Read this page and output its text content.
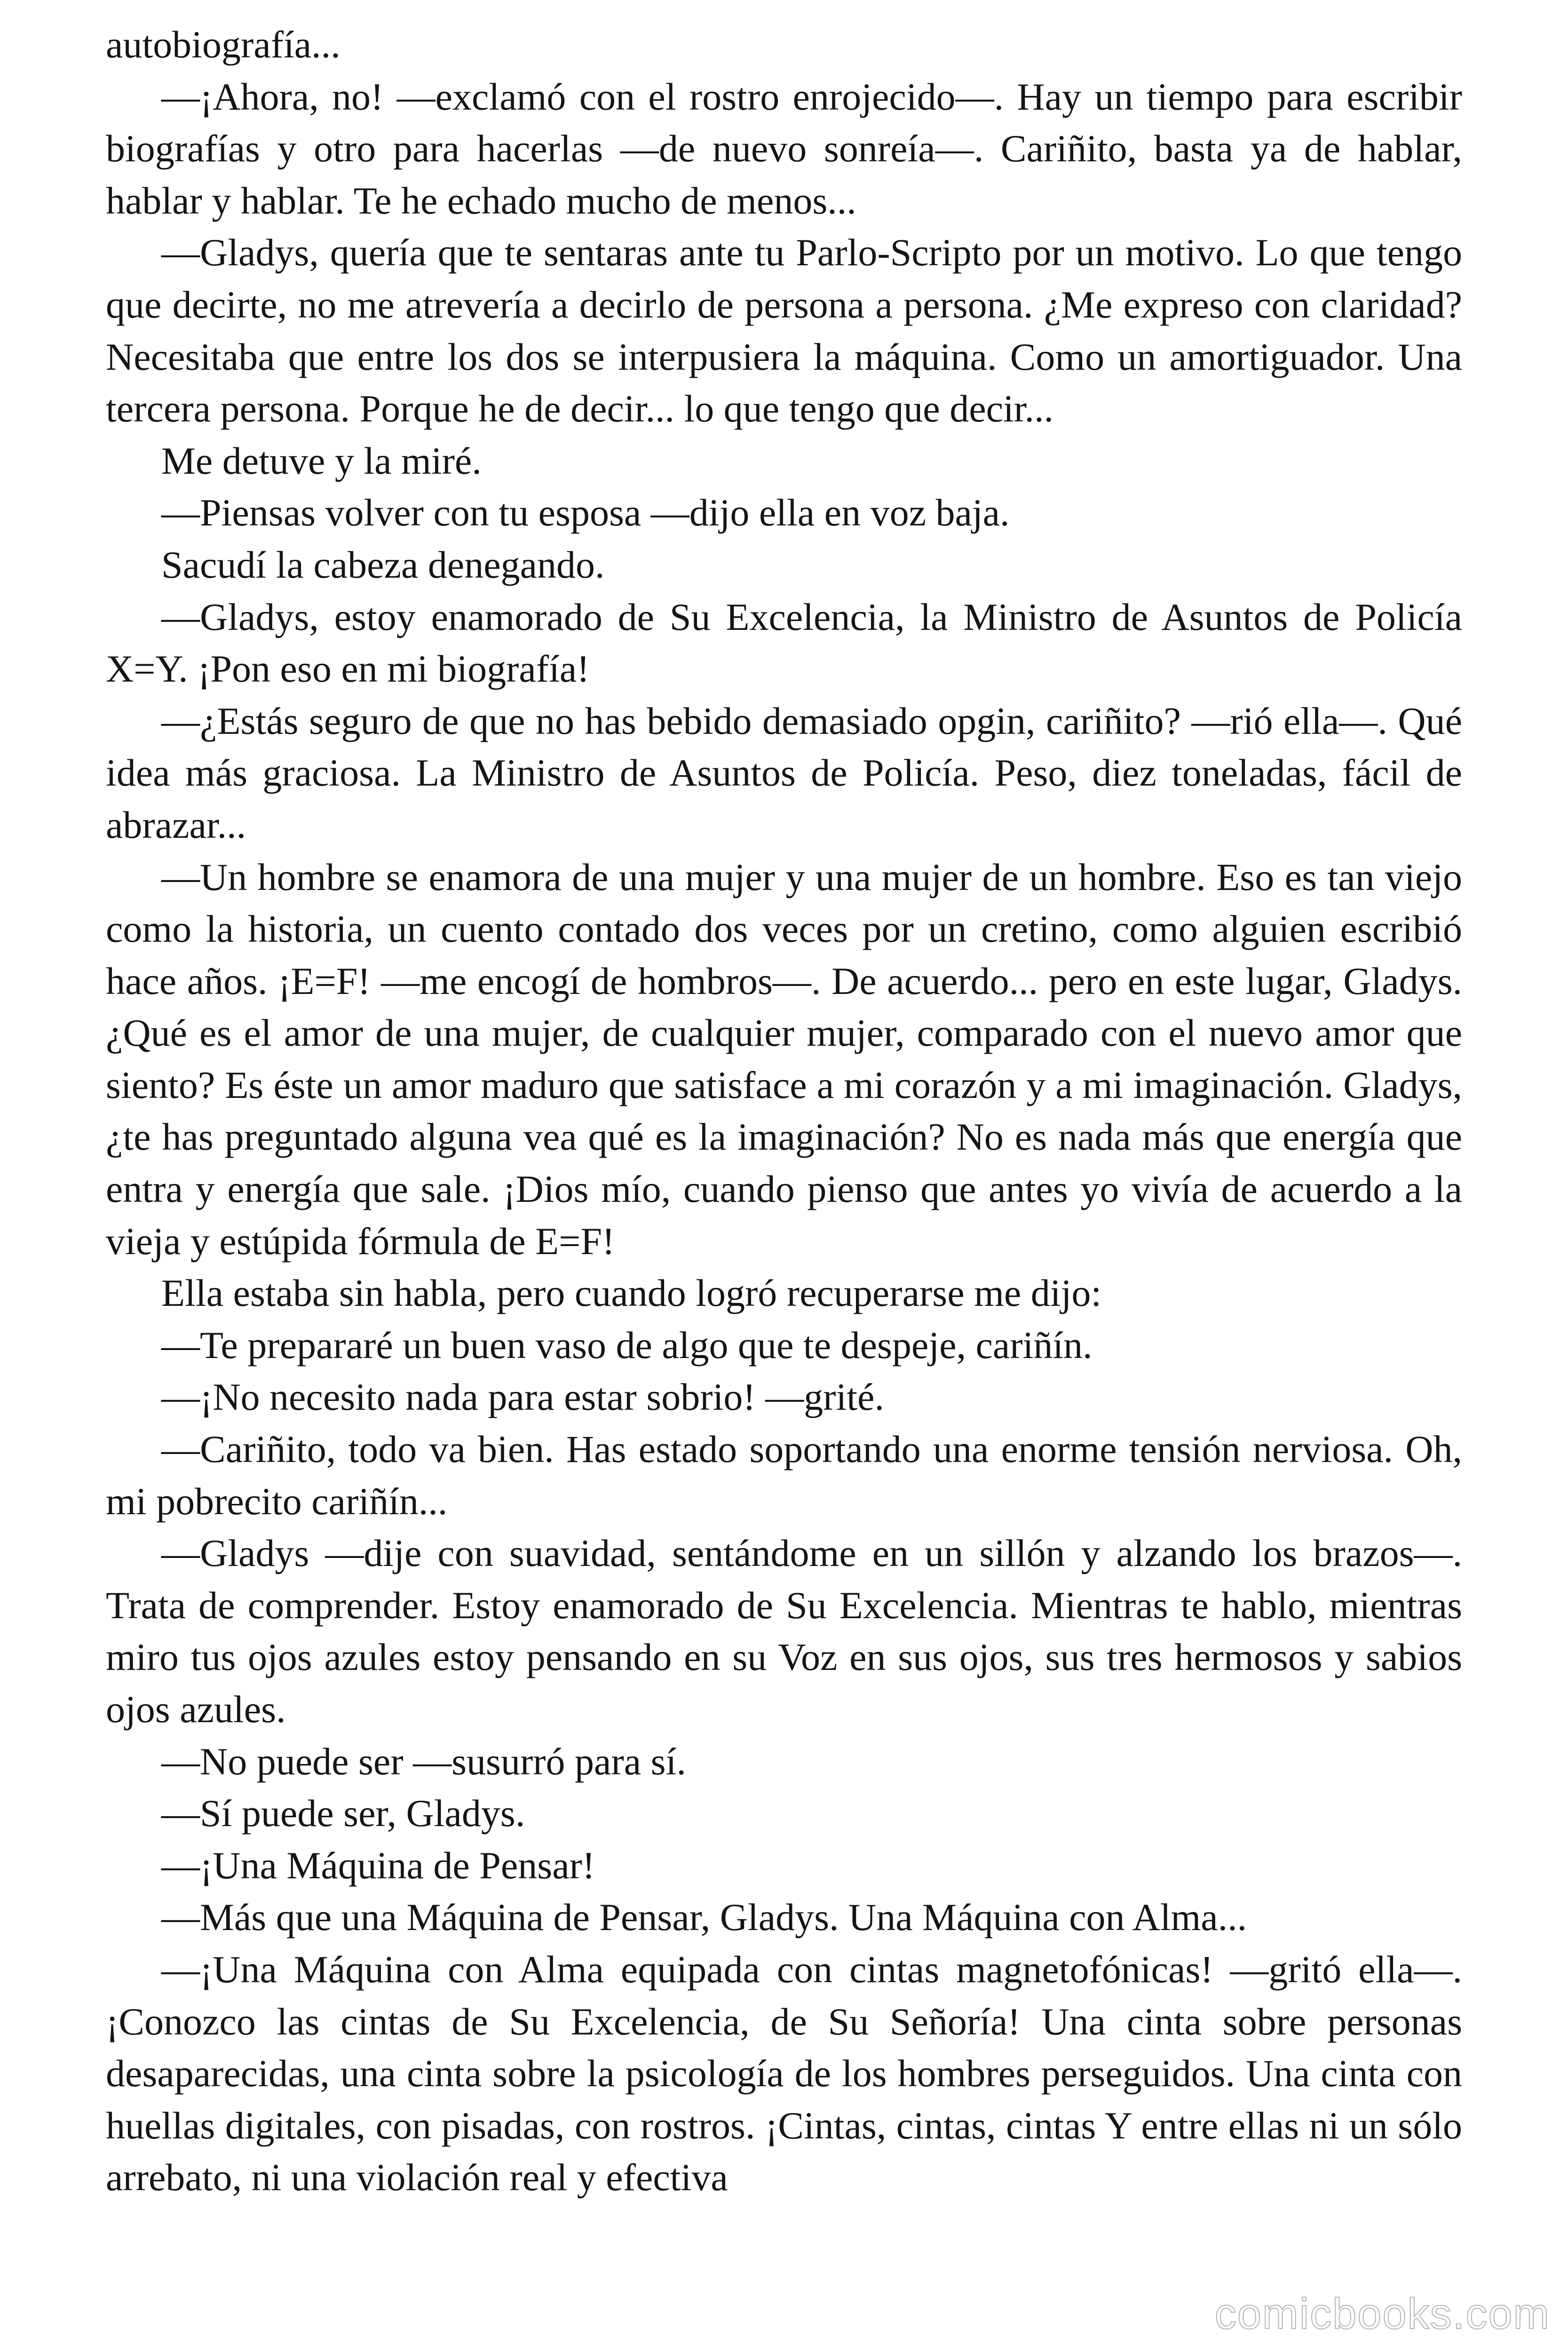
autobiografía...

—¡Ahora, no! —exclamó con el rostro enrojecido—. Hay un tiempo para escribir biografías y otro para hacerlas —de nuevo sonreía—. Cariñito, basta ya de hablar, hablar y hablar. Te he echado mucho de menos...

—Gladys, quería que te sentaras ante tu Parlo-Scripto por un motivo. Lo que tengo que decirte, no me atrevería a decirlo de persona a persona. ¿Me expreso con claridad? Necesitaba que entre los dos se interpusiera la máquina. Como un amortiguador. Una tercera persona. Porque he de decir... lo que tengo que decir...

Me detuve y la miré.

—Piensas volver con tu esposa —dijo ella en voz baja.

Sacudí la cabeza denegando.

—Gladys, estoy enamorado de Su Excelencia, la Ministro de Asuntos de Policía X=Y. ¡Pon eso en mi biografía!

—¿Estás seguro de que no has bebido demasiado opgin, cariñito? —rió ella—. Qué idea más graciosa. La Ministro de Asuntos de Policía. Peso, diez toneladas, fácil de abrazar...

—Un hombre se enamora de una mujer y una mujer de un hombre. Eso es tan viejo como la historia, un cuento contado dos veces por un cretino, como alguien escribió hace años. ¡E=F! —me encogí de hombros—. De acuerdo... pero en este lugar, Gladys. ¿Qué es el amor de una mujer, de cualquier mujer, comparado con el nuevo amor que siento? Es éste un amor maduro que satisface a mi corazón y a mi imaginación. Gladys, ¿te has preguntado alguna vea qué es la imaginación? No es nada más que energía que entra y energía que sale. ¡Dios mío, cuando pienso que antes yo vivía de acuerdo a la vieja y estúpida fórmula de E=F!

Ella estaba sin habla, pero cuando logró recuperarse me dijo:

—Te prepararé un buen vaso de algo que te despeje, cariñín.

—¡No necesito nada para estar sobrio! —grité.

—Cariñito, todo va bien. Has estado soportando una enorme tensión nerviosa. Oh, mi pobrecito cariñín...

—Gladys —dije con suavidad, sentándome en un sillón y alzando los brazos—. Trata de comprender. Estoy enamorado de Su Excelencia. Mientras te hablo, mientras miro tus ojos azules estoy pensando en su Voz en sus ojos, sus tres hermosos y sabios ojos azules.

—No puede ser —susurró para sí.

—Sí puede ser, Gladys.

—¡Una Máquina de Pensar!

—Más que una Máquina de Pensar, Gladys. Una Máquina con Alma...

—¡Una Máquina con Alma equipada con cintas magnetofónicas! —gritó ella—. ¡Conozco las cintas de Su Excelencia, de Su Señoría! Una cinta sobre personas desaparecidas, una cinta sobre la psicología de los hombres perseguidos. Una cinta con huellas digitales, con pisadas, con rostros. ¡Cintas, cintas, cintas Y entre ellas ni un sólo arrebato, ni una violación real y efectiva

comicbooks.com
